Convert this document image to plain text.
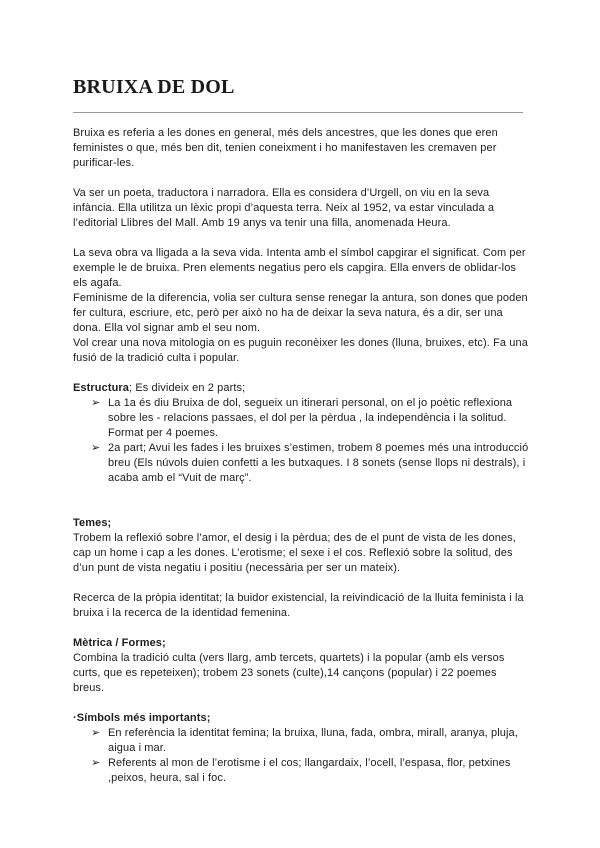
BRUIXA DE DOL

Bruixa es referia a les dones en general, més dels ancestres, que les dones que eren feministes o que, més ben dit, tenien coneixment i ho manifestaven les cremaven per purificar-les.

Va ser un poeta, traductora i narradora. Ella es considera d’Urgell, on viu en la seva infància. Ella utilitza un lèxic propi d’aquesta terra. Neix al 1952, va estar vinculada a l’editorial Llibres del Mall. Amb 19 anys va tenir una filla, anomenada Heura.

La seva obra va lligada a la seva vida. Intenta amb el símbol capgirar el significat. Com per exemple le de bruixa. Pren elements negatius pero els capgira. Ella envers de oblidar-los els agafa.

Feminisme de la diferencia, volia ser cultura sense renegar la antura, son dones que poden fer cultura, escriure, etc, però per això no ha de deixar la seva natura, és a dir, ser una dona. Ella vol signar amb el seu nom.

Vol crear una nova mitologia on es puguin reconèixer les dones (lluna, bruixes, etc). Fa una fusió de la tradició culta i popular.

Estructura; Es divideix en 2 parts;

➢ La 1a és diu Bruixa de dol, segueix un itinerari personal, on el jo poètic reflexiona sobre les - relacions passaes, el dol per la pèrdua , la independència i la solitud. Format per 4 poemes.
➢ 2a part; Avui les fades i les bruixes s’estimen, trobem 8 poemes més una introducció breu (Els núvols duien confetti a les butxaques. I 8 sonets (sense llops ni destrals), i acaba amb el “Vuit de març”.

Temes;

Trobem la reflexió sobre l’amor, el desig i la pèrdua; des de el punt de vista de les dones, cap un home i cap a les dones. L’erotisme; el sexe i el cos. Reflexió sobre la solitud, des d’un punt de vista negatiu i positiu (necessària per ser un mateix).

Recerca de la pròpia identitat; la buidor existencial, la reivindicació de la lluita feminista i la bruixa i la recerca de la identidad femenina.

Mètrica / Formes;

Combina la tradició culta (vers llarg, amb tercets, quartets) i la popular (amb els versos curts, que es repeteixen); trobem 23 sonets (culte),14 cançons (popular) i 22 poemes breus.

·Símbols més importants;

➢ En referència la identitat femina; la bruixa, lluna, fada, ombra, mirall, aranya, pluja, aigua i mar.
➢ Referents al mon de l’erotisme i el cos; llangardaix, l’ocell, l’espasa, flor, petxines ,peixos, heura, sal i foc.
